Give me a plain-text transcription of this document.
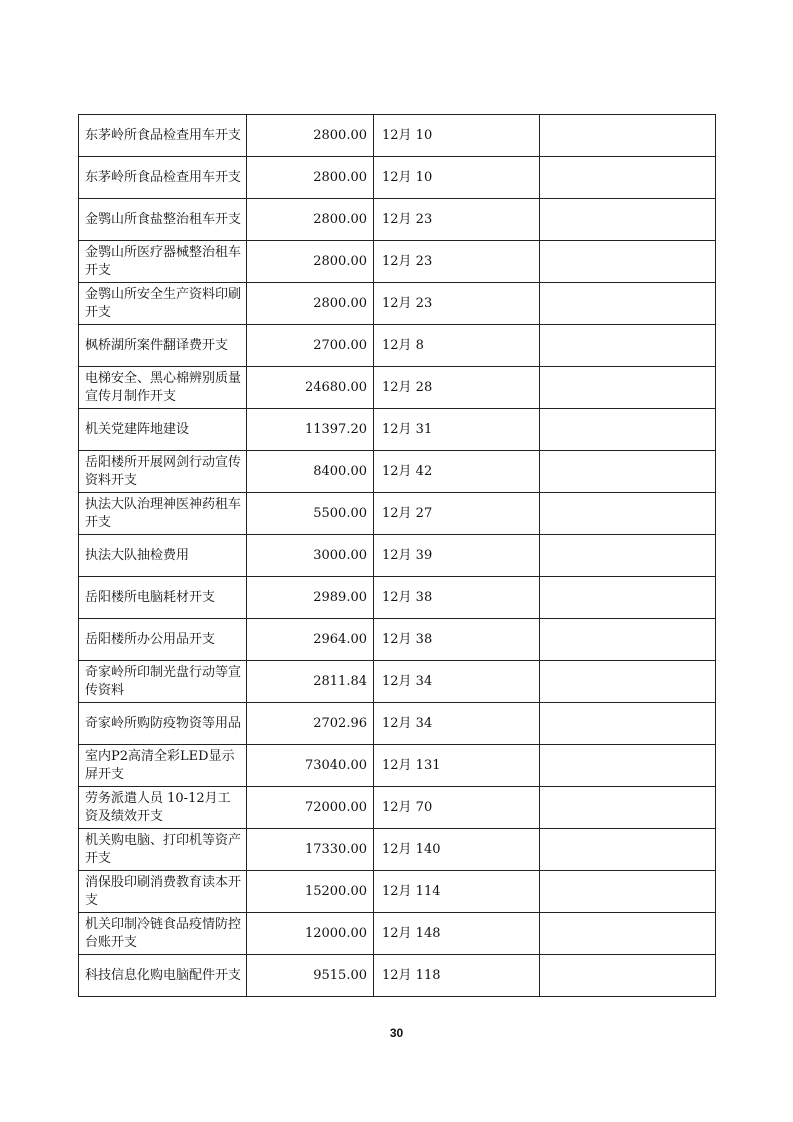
东茅岭所食品检查用车开支	2800.00	12月 10	
东茅岭所食品检查用车开支	2800.00	12月 10	
金鹗山所食盐整治租车开支	2800.00	12月 23	
金鹗山所医疗器械整治租车开支	2800.00	12月 23	
金鹗山所安全生产资料印刷开支	2800.00	12月 23	
枫桥湖所案件翻译费开支	2700.00	12月 8	
电梯安全、黑心棉辨别质量宣传月制作开支	24680.00	12月 28	
机关党建阵地建设	11397.20	12月 31	
岳阳楼所开展网剑行动宣传资料开支	8400.00	12月 42	
执法大队治理神医神药租车开支	5500.00	12月 27	
执法大队抽检费用	3000.00	12月 39	
岳阳楼所电脑耗材开支	2989.00	12月 38	
岳阳楼所办公用品开支	2964.00	12月 38	
奇家岭所印制光盘行动等宣传资料	2811.84	12月 34	
奇家岭所购防疫物资等用品	2702.96	12月 34	
室内P2高清全彩LED显示屏开支	73040.00	12月 131	
劳务派遣人员 10-12月工资及绩效开支	72000.00	12月 70	
机关购电脑、打印机等资产开支	17330.00	12月 140	
消保股印刷消费教育读本开支	15200.00	12月 114	
机关印制冷链食品疫情防控台账开支	12000.00	12月 148	
科技信息化购电脑配件开支	9515.00	12月 118	
30
